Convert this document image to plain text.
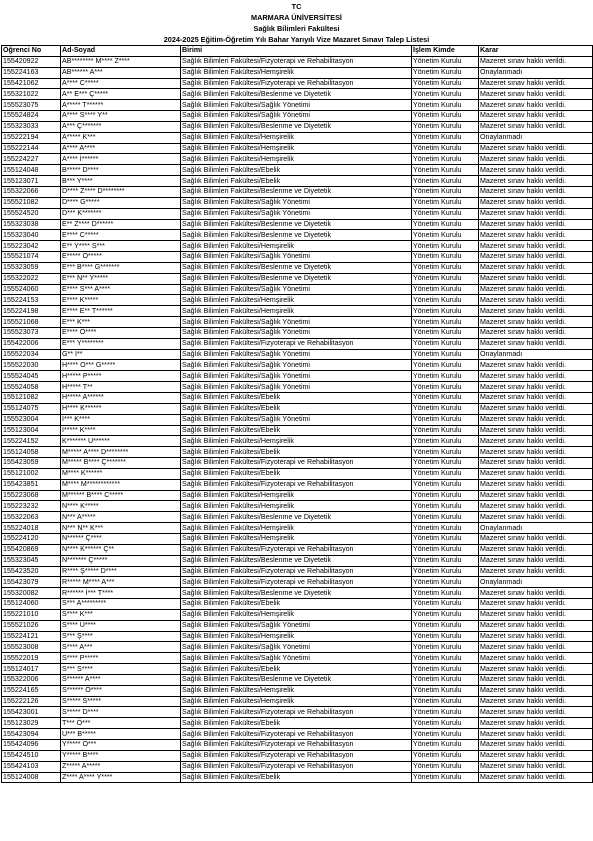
TC
MARMARA ÜNİVERSİTESİ
Sağlık Bilimleri Fakültesi
2024-2025 Eğitim-Öğretim Yılı Bahar Yarıyılı Vize Mazaret Sınavı Talep Listesi
Öğrenci No	Ad-Soyad	Birimi	İşlem Kimde	Karar
155420922	AB******** M**** Z****	Sağlık Bilimleri Fakültesi/Fizyoterapi ve Rehabilitasyon	Yönetim Kurulu	Mazeret sınav hakkı verildi.
155224163	AB****** A***	Sağlık Bilimleri Fakültesi/Hemşirelik	Yönetim Kurulu	Onaylanmadı
155421062	A**** C*****	Sağlık Bilimleri Fakültesi/Fizyoterapi ve Rehabilitasyon	Yönetim Kurulu	Mazeret sınav hakkı verildi.
155321022	A** E*** Ç*****	Sağlık Bilimleri Fakültesi/Beslenme ve Diyetetik	Yönetim Kurulu	Mazeret sınav hakkı verildi.
155523075	A***** T******	Sağlık Bilimleri Fakültesi/Sağlık Yönetimi	Yönetim Kurulu	Mazeret sınav hakkı verildi.
155524824	A**** S**** Y**	Sağlık Bilimleri Fakültesi/Sağlık Yönetimi	Yönetim Kurulu	Mazeret sınav hakkı verildi.
155323033	A*** Ç*******	Sağlık Bilimleri Fakültesi/Beslenme ve Diyetetik	Yönetim Kurulu	Mazeret sınav hakkı verildi.
155222194	A***** K***	Sağlık Bilimleri Fakültesi/Hemşirelik	Yönetim Kurulu	Onaylanmadı
155222144	A**** A****	Sağlık Bilimleri Fakültesi/Hemşirelik	Yönetim Kurulu	Mazeret sınav hakkı verildi.
155224227	A**** İ******	Sağlık Bilimleri Fakültesi/Hemşirelik	Yönetim Kurulu	Mazeret sınav hakkı verildi.
155124048	B***** D****	Sağlık Bilimleri Fakültesi/Ebelik	Yönetim Kurulu	Mazeret sınav hakkı verildi.
155123071	B*** Y****	Sağlık Bilimleri Fakültesi/Ebelik	Yönetim Kurulu	Mazeret sınav hakkı verildi.
155322066	D**** Z**** D********	Sağlık Bilimleri Fakültesi/Beslenme ve Diyetetik	Yönetim Kurulu	Mazeret sınav hakkı verildi.
155521082	D**** G*****	Sağlık Bilimleri Fakültesi/Sağlık Yönetimi	Yönetim Kurulu	Mazeret sınav hakkı verildi.
155524520	D*** K*******	Sağlık Bilimleri Fakültesi/Sağlık Yönetimi	Yönetim Kurulu	Mazeret sınav hakkı verildi.
155323038	E** Z**** D******	Sağlık Bilimleri Fakültesi/Beslenme ve Diyetetik	Yönetim Kurulu	Mazeret sınav hakkı verildi.
155323040	E**** C*****	Sağlık Bilimleri Fakültesi/Beslenme ve Diyetetik	Yönetim Kurulu	Mazeret sınav hakkı verildi.
155223042	E** Y**** S***	Sağlık Bilimleri Fakültesi/Hemşirelik	Yönetim Kurulu	Mazeret sınav hakkı verildi.
155521074	E***** Ö*****	Sağlık Bilimleri Fakültesi/Sağlık Yönetimi	Yönetim Kurulu	Mazeret sınav hakkı verildi.
155323059	E*** B**** G*******	Sağlık Bilimleri Fakültesi/Beslenme ve Diyetetik	Yönetim Kurulu	Mazeret sınav hakkı verildi.
155322022	E*** N** Y*****	Sağlık Bilimleri Fakültesi/Beslenme ve Diyetetik	Yönetim Kurulu	Mazeret sınav hakkı verildi.
155524060	E**** S*** A****	Sağlık Bilimleri Fakültesi/Sağlık Yönetimi	Yönetim Kurulu	Mazeret sınav hakkı verildi.
155224153	E**** K*****	Sağlık Bilimleri Fakültesi/Hemşirelik	Yönetim Kurulu	Mazeret sınav hakkı verildi.
155224198	E**** E** T******	Sağlık Bilimleri Fakültesi/Hemşirelik	Yönetim Kurulu	Mazeret sınav hakkı verildi.
155521068	E*** K***	Sağlık Bilimleri Fakültesi/Sağlık Yönetimi	Yönetim Kurulu	Mazeret sınav hakkı verildi.
155523073	E**** Ö****	Sağlık Bilimleri Fakültesi/Sağlık Yönetimi	Yönetim Kurulu	Mazeret sınav hakkı verildi.
155422006	E*** Y********	Sağlık Bilimleri Fakültesi/Fizyoterapi ve Rehabilitasyon	Yönetim Kurulu	Mazeret sınav hakkı verildi.
155522034	G** İ**	Sağlık Bilimleri Fakültesi/Sağlık Yönetimi	Yönetim Kurulu	Onaylanmadı
155522030	H**** O*** G*****	Sağlık Bilimleri Fakültesi/Sağlık Yönetimi	Yönetim Kurulu	Mazeret sınav hakkı verildi.
155524045	H***** P*****	Sağlık Bilimleri Fakültesi/Sağlık Yönetimi	Yönetim Kurulu	Mazeret sınav hakkı verildi.
155524058	H***** T**	Sağlık Bilimleri Fakültesi/Sağlık Yönetimi	Yönetim Kurulu	Mazeret sınav hakkı verildi.
155121082	H***** A******	Sağlık Bilimleri Fakültesi/Ebelik	Yönetim Kurulu	Mazeret sınav hakkı verildi.
155124075	H**** K******	Sağlık Bilimleri Fakültesi/Ebelik	Yönetim Kurulu	Mazeret sınav hakkı verildi.
155523004	İ*** K****	Sağlık Bilimleri Fakültesi/Sağlık Yönetimi	Yönetim Kurulu	Mazeret sınav hakkı verildi.
155123004	İ***** K****	Sağlık Bilimleri Fakültesi/Ebelik	Yönetim Kurulu	Mazeret sınav hakkı verildi.
155224152	K******* U******	Sağlık Bilimleri Fakültesi/Hemşirelik	Yönetim Kurulu	Mazeret sınav hakkı verildi.
155124058	M***** A**** D********	Sağlık Bilimleri Fakültesi/Ebelik	Yönetim Kurulu	Mazeret sınav hakkı verildi.
155423059	M***** B**** Ç*******	Sağlık Bilimleri Fakültesi/Fizyoterapi ve Rehabilitasyon	Yönetim Kurulu	Mazeret sınav hakkı verildi.
155121002	M**** K******	Sağlık Bilimleri Fakültesi/Ebelik	Yönetim Kurulu	Mazeret sınav hakkı verildi.
155423851	M**** M************	Sağlık Bilimleri Fakültesi/Fizyoterapi ve Rehabilitasyon	Yönetim Kurulu	Mazeret sınav hakkı verildi.
155223068	M****** B**** C*****	Sağlık Bilimleri Fakültesi/Hemşirelik	Yönetim Kurulu	Mazeret sınav hakkı verildi.
155223232	N**** K*****	Sağlık Bilimleri Fakültesi/Hemşirelik	Yönetim Kurulu	Mazeret sınav hakkı verildi.
155322063	N*** A*****	Sağlık Bilimleri Fakültesi/Beslenme ve Diyetetik	Yönetim Kurulu	Mazeret sınav hakkı verildi.
155224018	N*** N** K***	Sağlık Bilimleri Fakültesi/Hemşirelik	Yönetim Kurulu	Onaylanmadı
155224120	N****** Ç****	Sağlık Bilimleri Fakültesi/Hemşirelik	Yönetim Kurulu	Mazeret sınav hakkı verildi.
155420869	N**** K****** Ç**	Sağlık Bilimleri Fakültesi/Fizyoterapi ve Rehabilitasyon	Yönetim Kurulu	Mazeret sınav hakkı verildi.
155323045	N******* Ç*****	Sağlık Bilimleri Fakültesi/Beslenme ve Diyetetik	Yönetim Kurulu	Mazeret sınav hakkı verildi.
155423520	R**** Ş***** D****	Sağlık Bilimleri Fakültesi/Fizyoterapi ve Rehabilitasyon	Yönetim Kurulu	Mazeret sınav hakkı verildi.
155423079	R***** M**** A***	Sağlık Bilimleri Fakültesi/Fizyoterapi ve Rehabilitasyon	Yönetim Kurulu	Onaylanmadı
155320082	R****** İ*** T****	Sağlık Bilimleri Fakültesi/Beslenme ve Diyetetik	Yönetim Kurulu	Mazeret sınav hakkı verildi.
155124060	S*** A*********	Sağlık Bilimleri Fakültesi/Ebelik	Yönetim Kurulu	Mazeret sınav hakkı verildi.
155221010	S**** K***	Sağlık Bilimleri Fakültesi/Hemşirelik	Yönetim Kurulu	Mazeret sınav hakkı verildi.
155521026	S**** Ü****	Sağlık Bilimleri Fakültesi/Sağlık Yönetimi	Yönetim Kurulu	Mazeret sınav hakkı verildi.
155224121	S*** Ş****	Sağlık Bilimleri Fakültesi/Hemşirelik	Yönetim Kurulu	Mazeret sınav hakkı verildi.
155523008	S**** A***	Sağlık Bilimleri Fakültesi/Sağlık Yönetimi	Yönetim Kurulu	Mazeret sınav hakkı verildi.
155522019	S**** P*****	Sağlık Bilimleri Fakültesi/Sağlık Yönetimi	Yönetim Kurulu	Mazeret sınav hakkı verildi.
155124017	S*** S****	Sağlık Bilimleri Fakültesi/Ebelik	Yönetim Kurulu	Mazeret sınav hakkı verildi.
155322006	S****** A****	Sağlık Bilimleri Fakültesi/Beslenme ve Diyetetik	Yönetim Kurulu	Mazeret sınav hakkı verildi.
155224165	S****** Ö****	Sağlık Bilimleri Fakültesi/Hemşirelik	Yönetim Kurulu	Mazeret sınav hakkı verildi.
155222126	S***** S*****	Sağlık Bilimleri Fakültesi/Hemşirelik	Yönetim Kurulu	Mazeret sınav hakkı verildi.
155423001	S***** D****	Sağlık Bilimleri Fakültesi/Fizyoterapi ve Rehabilitasyon	Yönetim Kurulu	Mazeret sınav hakkı verildi.
155123029	T*** Ö***	Sağlık Bilimleri Fakültesi/Ebelik	Yönetim Kurulu	Mazeret sınav hakkı verildi.
155423094	U*** B*****	Sağlık Bilimleri Fakültesi/Fizyoterapi ve Rehabilitasyon	Yönetim Kurulu	Mazeret sınav hakkı verildi.
155424096	Y***** Ö***	Sağlık Bilimleri Fakültesi/Fizyoterapi ve Rehabilitasyon	Yönetim Kurulu	Mazeret sınav hakkı verildi.
155424510	Y***** B****	Sağlık Bilimleri Fakültesi/Fizyoterapi ve Rehabilitasyon	Yönetim Kurulu	Mazeret sınav hakkı verildi.
155424103	Z***** A*****	Sağlık Bilimleri Fakültesi/Fizyoterapi ve Rehabilitasyon	Yönetim Kurulu	Mazeret sınav hakkı verildi.
155124008	Z**** A**** Y****	Sağlık Bilimleri Fakültesi/Ebelik	Yönetim Kurulu	Mazeret sınav hakkı verildi.
